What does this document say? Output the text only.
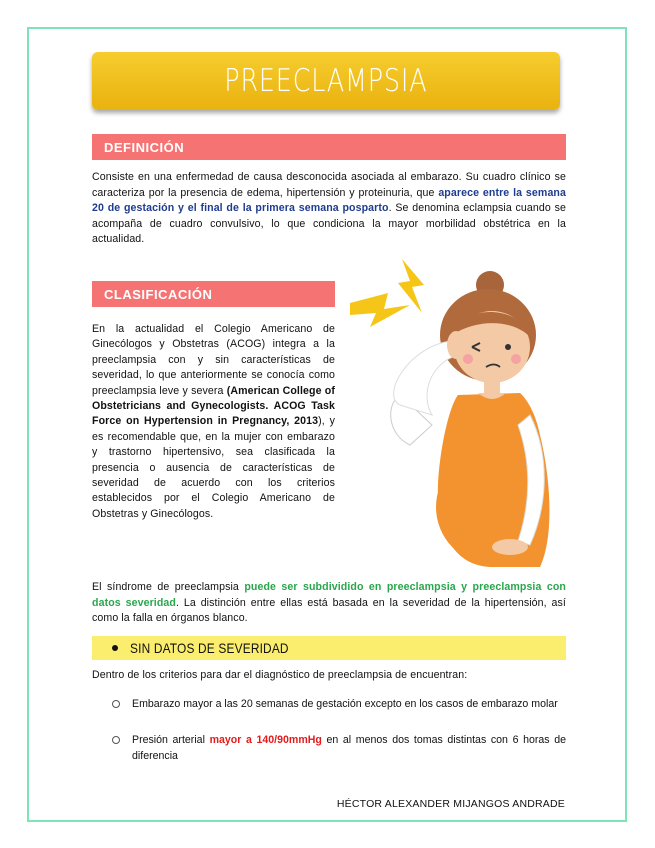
PREECLAMPSIA
DEFINICIÓN
Consiste en una enfermedad de causa desconocida asociada al embarazo. Su cuadro clínico se caracteriza por la presencia de edema, hipertensión y proteinuria, que aparece entre la semana 20 de gestación y el final de la primera semana posparto. Se denomina eclampsia cuando se acompaña de cuadro convulsivo, lo que condiciona la mayor morbilidad obstétrica en la actualidad.
CLASIFICACIÓN
En la actualidad el Colegio Americano de Ginecólogos y Obstetras (ACOG) integra a la preeclampsia con y sin características de severidad, lo que anteriormente se conocía como preeclampsia leve y severa (American College of Obstetricians and Gynecologists. ACOG Task Force on Hypertension in Pregnancy, 2013), y es recomendable que, en la mujer con embarazo y trastorno hipertensivo, sea clasificada la presencia o ausencia de características de severidad de acuerdo con los criterios establecidos por el Colegio Americano de Obstetras y Ginecólogos.
El síndrome de preeclampsia puede ser subdividido en preeclampsia y preeclampsia con datos severidad. La distinción entre ellas está basada en la severidad de la hipertensión, así como la falla en órganos blanco.
SIN DATOS DE SEVERIDAD
Dentro de los criterios para dar el diagnóstico de preeclampsia de encuentran:
Embarazo mayor a las 20 semanas de gestación excepto en los casos de embarazo molar
Presión arterial mayor a 140/90mmHg en al menos dos tomas distintas con 6 horas de diferencia
HÉCTOR ALEXANDER MIJANGOS ANDRADE
